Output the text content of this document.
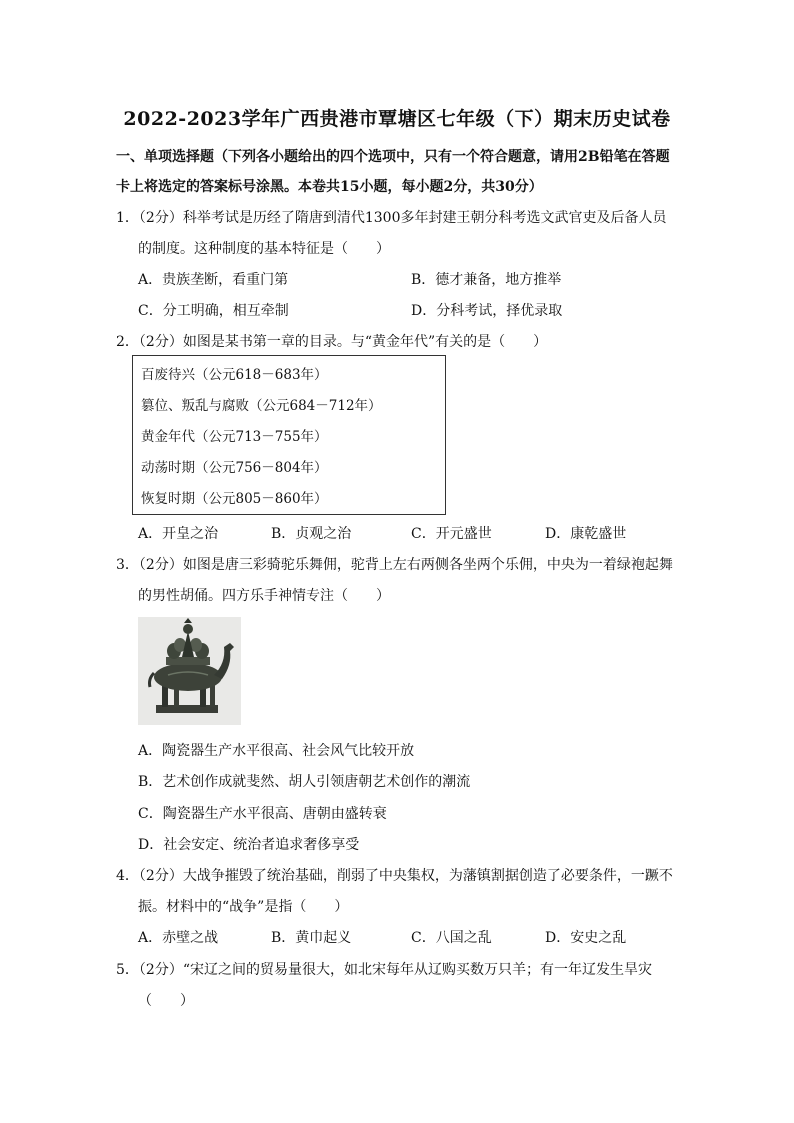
2022-2023学年广西贵港市覃塘区七年级（下）期末历史试卷
一、单项选择题（下列各小题给出的四个选项中，只有一个符合题意，请用2B铅笔在答题
卡上将选定的答案标号涂黑。本卷共15小题，每小题2分，共30分）
1．（2分）科举考试是历经了隋唐到清代1300多年封建王朝分科考选文武官吏及后备人员
的制度。这种制度的基本特征是（　　）
A．贵族垄断，看重门第	B．德才兼备，地方推举
C．分工明确，相互牵制	D．分科考试，择优录取
2．（2分）如图是某书第一章的目录。与“黄金年代”有关的是（　　）
百废待兴（公元618－683年）
篡位、叛乱与腐败（公元684－712年）
黄金年代（公元713－755年）
动荡时期（公元756－804年）
恢复时期（公元805－860年）
A．开皇之治	B．贞观之治	C．开元盛世	D．康乾盛世
3．（2分）如图是唐三彩骑驼乐舞佣，驼背上左右两侧各坐两个乐佣，中央为一着绿袍起舞
的男性胡俑。四方乐手神情专注（　　）
A．陶瓷器生产水平很高、社会风气比较开放
B．艺术创作成就斐然、胡人引领唐朝艺术创作的潮流
C．陶瓷器生产水平很高、唐朝由盛转衰
D．社会安定、统治者追求奢侈享受
4．（2分）大战争摧毁了统治基础，削弱了中央集权，为藩镇割据创造了必要条件，一蹶不
振。材料中的“战争”是指（　　）
A．赤壁之战	B．黄巾起义	C．八国之乱	D．安史之乱
5．（2分）“宋辽之间的贸易量很大，如北宋每年从辽购买数万只羊；有一年辽发生旱灾
（　　）
